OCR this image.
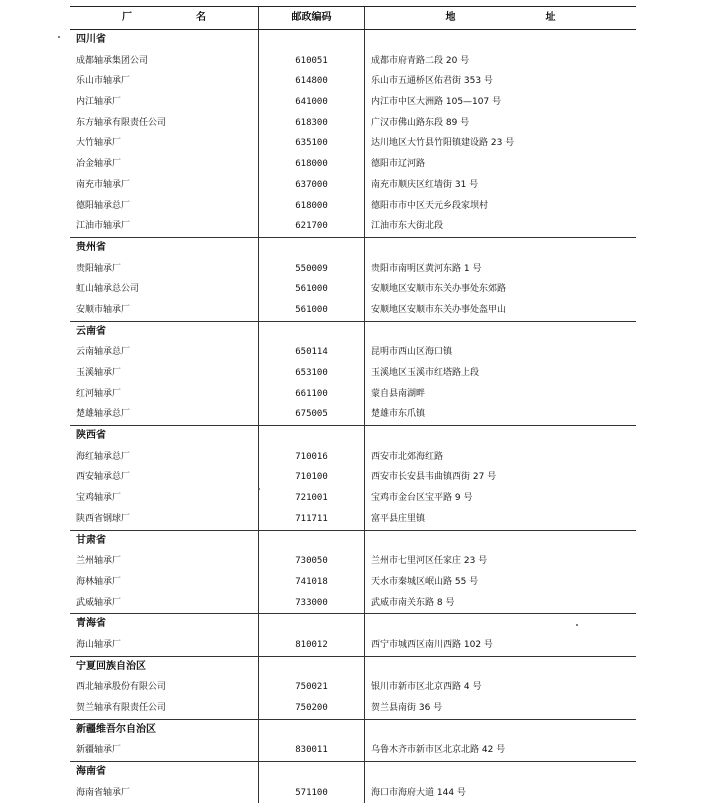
厂	名	邮政编码	地	址
四川省
成都轴承集团公司	610051	成都市府青路二段 20 号
乐山市轴承厂	614800	乐山市五通桥区佑君街 353 号
内江轴承厂	641000	内江市中区大洲路 105—107 号
东方轴承有限责任公司	618300	广汉市佛山路东段 89 号
大竹轴承厂	635100	达川地区大竹县竹阳镇建设路 23 号
冶金轴承厂	618000	德阳市辽河路
南充市轴承厂	637000	南充市顺庆区红墙街 31 号
德阳轴承总厂	618000	德阳市市中区天元乡段家坝村
江油市轴承厂	621700	江油市东大街北段
贵州省
贵阳轴承厂	550009	贵阳市南明区黄河东路 1 号
虹山轴承总公司	561000	安顺地区安顺市东关办事处东郊路
安顺市轴承厂	561000	安顺地区安顺市东关办事处盔甲山
云南省
云南轴承总厂	650114	昆明市西山区海口镇
玉溪轴承厂	653100	玉溪地区玉溪市红塔路上段
红河轴承厂	661100	蒙自县南湖畔
楚雄轴承总厂	675005	楚雄市东爪镇
陕西省
海红轴承总厂	710016	西安市北郊海红路
西安轴承总厂	710100	西安市长安县韦曲镇西街 27 号
宝鸡轴承厂	721001	宝鸡市金台区宝平路 9 号
陕西省钢球厂	711711	富平县庄里镇
甘肃省
兰州轴承厂	730050	兰州市七里河区任家庄 23 号
海林轴承厂	741018	天水市秦城区岷山路 55 号
武威轴承厂	733000	武威市南关东路 8 号
青海省
海山轴承厂	810012	西宁市城西区南川西路 102 号
宁夏回族自治区
西北轴承股份有限公司	750021	银川市新市区北京西路 4 号
贺兰轴承有限责任公司	750200	贺兰县南街 36 号
新疆维吾尔自治区
新疆轴承厂	830011	乌鲁木齐市新市区北京北路 42 号
海南省
海南省轴承厂	571100	海口市海府大道 144 号
